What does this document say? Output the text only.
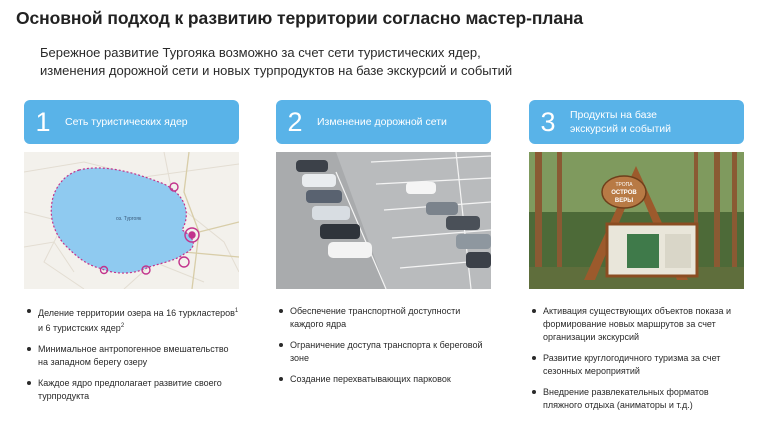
Основной подход к развитию территории согласно мастер-плана
Бережное развитие Тургояка возможно за счет сети туристических ядер,
изменения дорожной сети и новых турпродуктов на базе экскурсий и событий
1	Сеть туристических ядер
оз. Тургояк
Деление территории озера на 16 турклaстеров$^1$ и 6 туристских ядер$^2$
Минимальное антропогенное вмешательство на западном берегу озеру
Каждое ядро предполагает развитие своего турпродукта
2	Изменение дорожной сети
Обеспечение транспортной доступности каждого ядра
Ограничение доступа транспорта к береговой зоне
Создание перехватывающих парковок
3	Продукты на базе
экскурсий и событий
ТРОПА
ОСТРОВ
ВЕРЫ
Активация существующих объектов показа и формирование новых маршрутов за счет организации экскурсий
Развитие круглогодичного туризма за счет сезонных мероприятий
Внедрение развлекательных форматов пляжного отдыха (аниматоры и т.д.)
